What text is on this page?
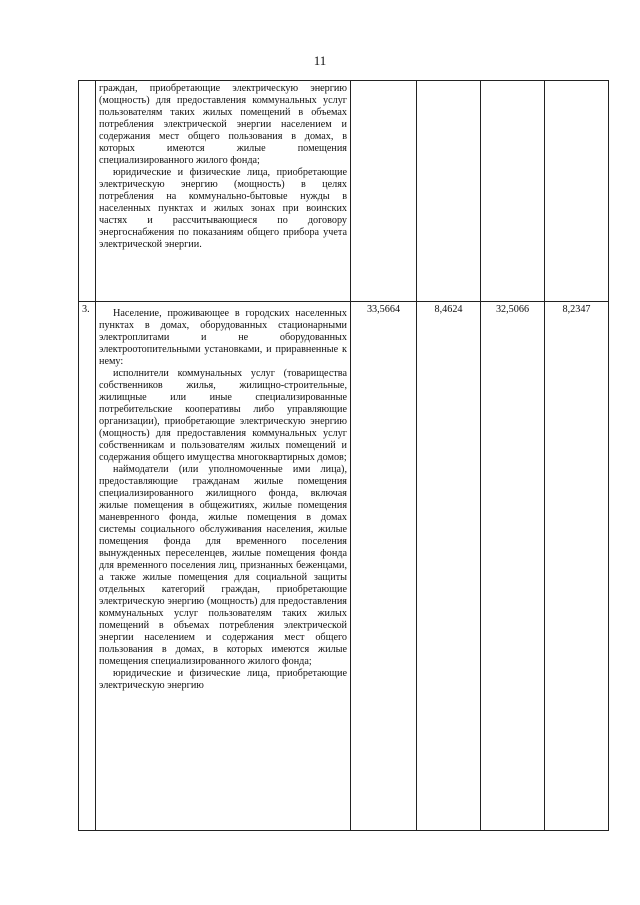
11

	граждан, приобретающие электрическую энергию (мощность) для предоставления коммунальных услуг пользователям таких жилых помещений в объемах потребления электрической энергии населением и содержания мест общего пользования в домах, в которых имеются жилые помещения специализированного жилого фонда;

юридические и физические лица, приобретающие электрическую энергию (мощность) в целях потребления на коммунально-бытовые нужды в населенных пунктах и жилых зонах при воинских частях и рассчитывающиеся по договору энергоснабжения по показаниям общего прибора учета электрической энергии.				

3.	Население, проживающее в городских населенных пунктах в домах, оборудованных стационарными электроплитами и не оборудованных электроотопительными установками, и приравненные к нему:

исполнители коммунальных услуг (товарищества собственников жилья, жилищно-строительные, жилищные или иные специализированные потребительские кооперативы либо управляющие организации), приобретающие электрическую энергию (мощность) для предоставления коммунальных услуг собственникам и пользователям жилых помещений и содержания общего имущества многоквартирных домов;

наймодатели (или уполномоченные ими лица), предоставляющие гражданам жилые помещения специализированного жилищного фонда, включая жилые помещения в общежитиях, жилые помещения маневренного фонда, жилые помещения в домах системы социального обслуживания населения, жилые помещения фонда для временного поселения вынужденных переселенцев, жилые помещения фонда для временного поселения лиц, признанных беженцами, а также жилые помещения для социальной защиты отдельных категорий граждан, приобретающие электрическую энергию (мощность) для предоставления коммунальных услуг пользователям таких жилых помещений в объемах потребления электрической энергии населением и содержания мест общего пользования в домах, в которых имеются жилые помещения специализированного жилого фонда;

юридические и физические лица, приобретающие электрическую энергию	33,5664	8,4624	32,5066	8,2347
